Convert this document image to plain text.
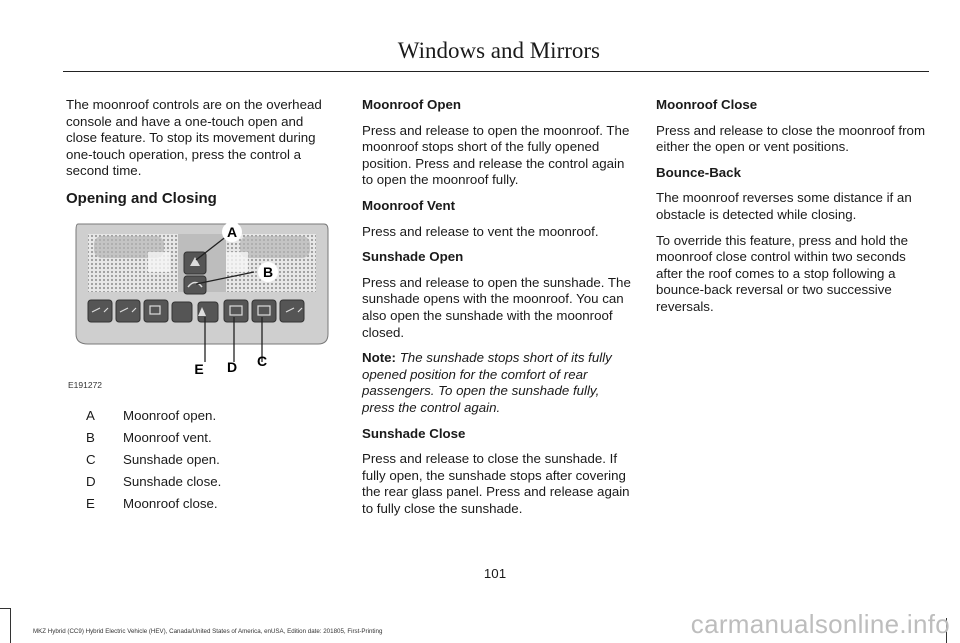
Windows and Mirrors

The moonroof controls are on the overhead console and have a one-touch open and close feature. To stop its movement during one-touch operation, press the control a second time.

Opening and Closing
A
B
C
D
E
E191272
A	Moonroof open.
B	Moonroof vent.
C	Sunshade open.
D	Sunshade close.
E	Moonroof close.
Moonroof Open

Press and release to open the moonroof. The moonroof stops short of the fully opened position. Press and release the control again to open the moonroof fully.

Moonroof Vent

Press and release to vent the moonroof.

Sunshade Open

Press and release to open the sunshade. The sunshade opens with the moonroof. You can also open the sunshade with the moonroof closed.

Note: The sunshade stops short of its fully opened position for the comfort of rear passengers. To open the sunshade fully, press the control again.

Sunshade Close

Press and release to close the sunshade. If fully open, the sunshade stops after covering the rear glass panel. Press and release again to fully close the sunshade.

Moonroof Close

Press and release to close the moonroof from either the open or vent positions.

Bounce-Back

The moonroof reverses some distance if an obstacle is detected while closing.

To override this feature, press and hold the moonroof close control within two seconds after the roof comes to a stop following a bounce-back reversal or two successive reversals.

101
MKZ Hybrid (CC9) Hybrid Electric Vehicle (HEV), Canada/United States of America, enUSA, Edition date: 201805, First-Printing	carmanualsonline.info
